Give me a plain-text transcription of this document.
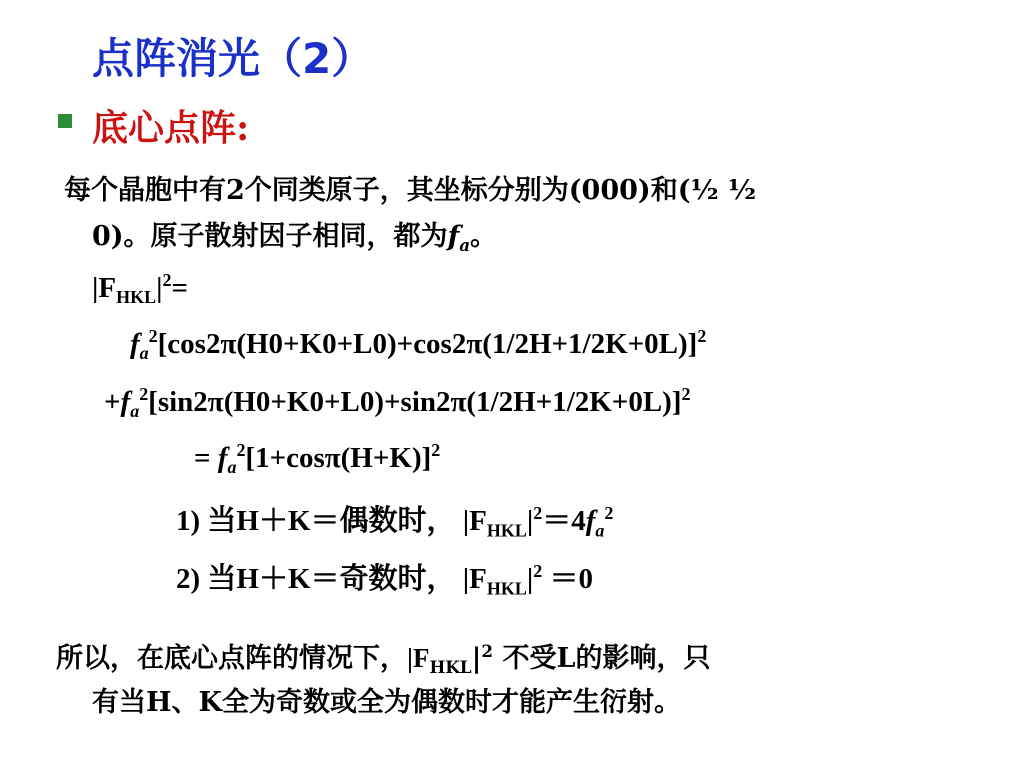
点阵消光（2）
底心点阵:
每个晶胞中有2个同类原子，其坐标分别为(000)和(½ ½
0)。原子散射因子相同，都为$f_a$。
$|F_{HKL}|^2=$
$f_a^2[\cos 2\pi(H0+K0+L0)+\cos 2\pi(1/2H+1/2K+0L)]^2$
$+f_a^2[\sin 2\pi(H0+K0+L0)+\sin 2\pi(1/2H+1/2K+0L)]^2$
= $f_a^2[1+\cos\pi(H+K)]^2$
1) 当H＋K＝偶数时， $|F_{HKL}|^2=4f_a^2$
2) 当H＋K＝奇数时， $|F_{HKL}|^2 =0$
所以，在底心点阵的情况下，$|F_{HKL}|^2$ 不受L的影响，只
有当H、K全为奇数或全为偶数时才能产生衍射。
